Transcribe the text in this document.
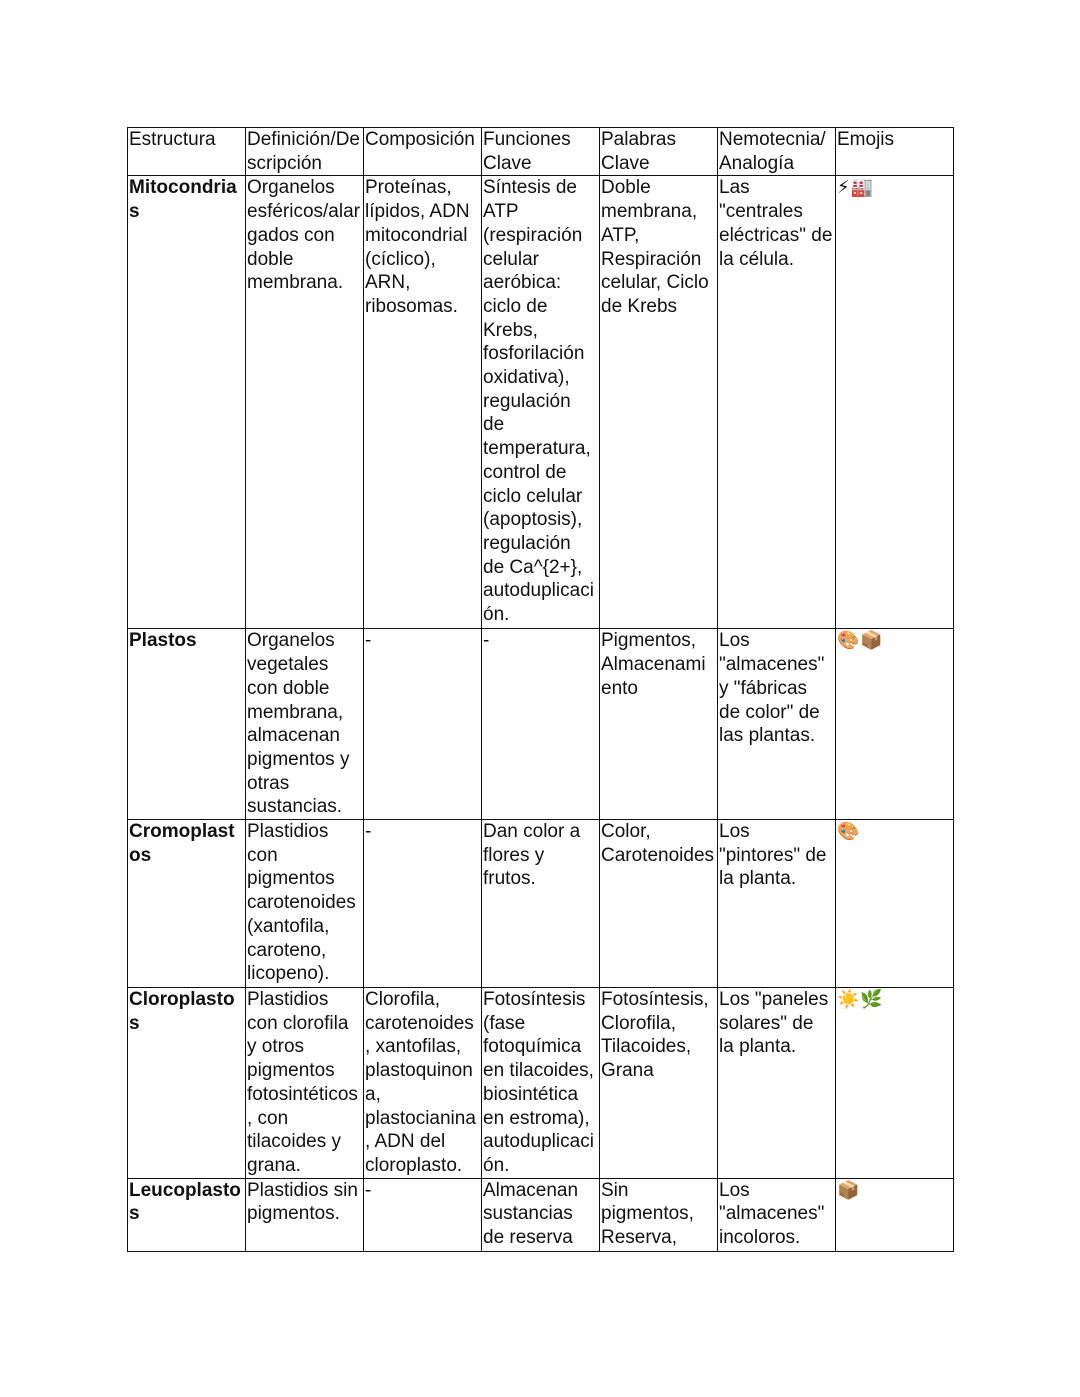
Estructura	Definición/Descripción	Composición	Funciones Clave	Palabras Clave	Nemotecnia/ Analogía	Emojis
Mitocondrias	Organelos esféricos/alargados con doble membrana.	Proteínas, lípidos, ADN mitocondrial (cíclico), ARN, ribosomas.	Síntesis de ATP (respiración celular aeróbica: ciclo de Krebs, fosforilación oxidativa), regulación de temperatura, control de ciclo celular (apoptosis), regulación de Ca^{2+}, autoduplicación.	Doble membrana, ATP, Respiración celular, Ciclo de Krebs	Las "centrales eléctricas" de la célula.	⚡🏭
Plastos	Organelos vegetales con doble membrana, almacenan pigmentos y otras sustancias.	-	-	Pigmentos, Almacenamiento	Los "almacenes" y "fábricas de color" de las plantas.	🎨📦
Cromoplastos	Plastidios con pigmentos carotenoides (xantofila, caroteno, licopeno).	-	Dan color a flores y frutos.	Color, Carotenoides	Los "pintores" de la planta.	🎨
Cloroplastos	Plastidios con clorofila y otros pigmentos fotosintéticos, con tilacoides y grana.	Clorofila, carotenoides, xantofilas, plastoquinona, plastocianina, ADN del cloroplasto.	Fotosíntesis (fase fotoquímica en tilacoides, biosintética en estroma), autoduplicación.	Fotosíntesis, Clorofila, Tilacoides, Grana	Los "paneles solares" de la planta.	☀️🌿
Leucoplastos	Plastidios sin pigmentos.	-	Almacenan sustancias de reserva	Sin pigmentos, Reserva,	Los "almacenes" incoloros.	📦
